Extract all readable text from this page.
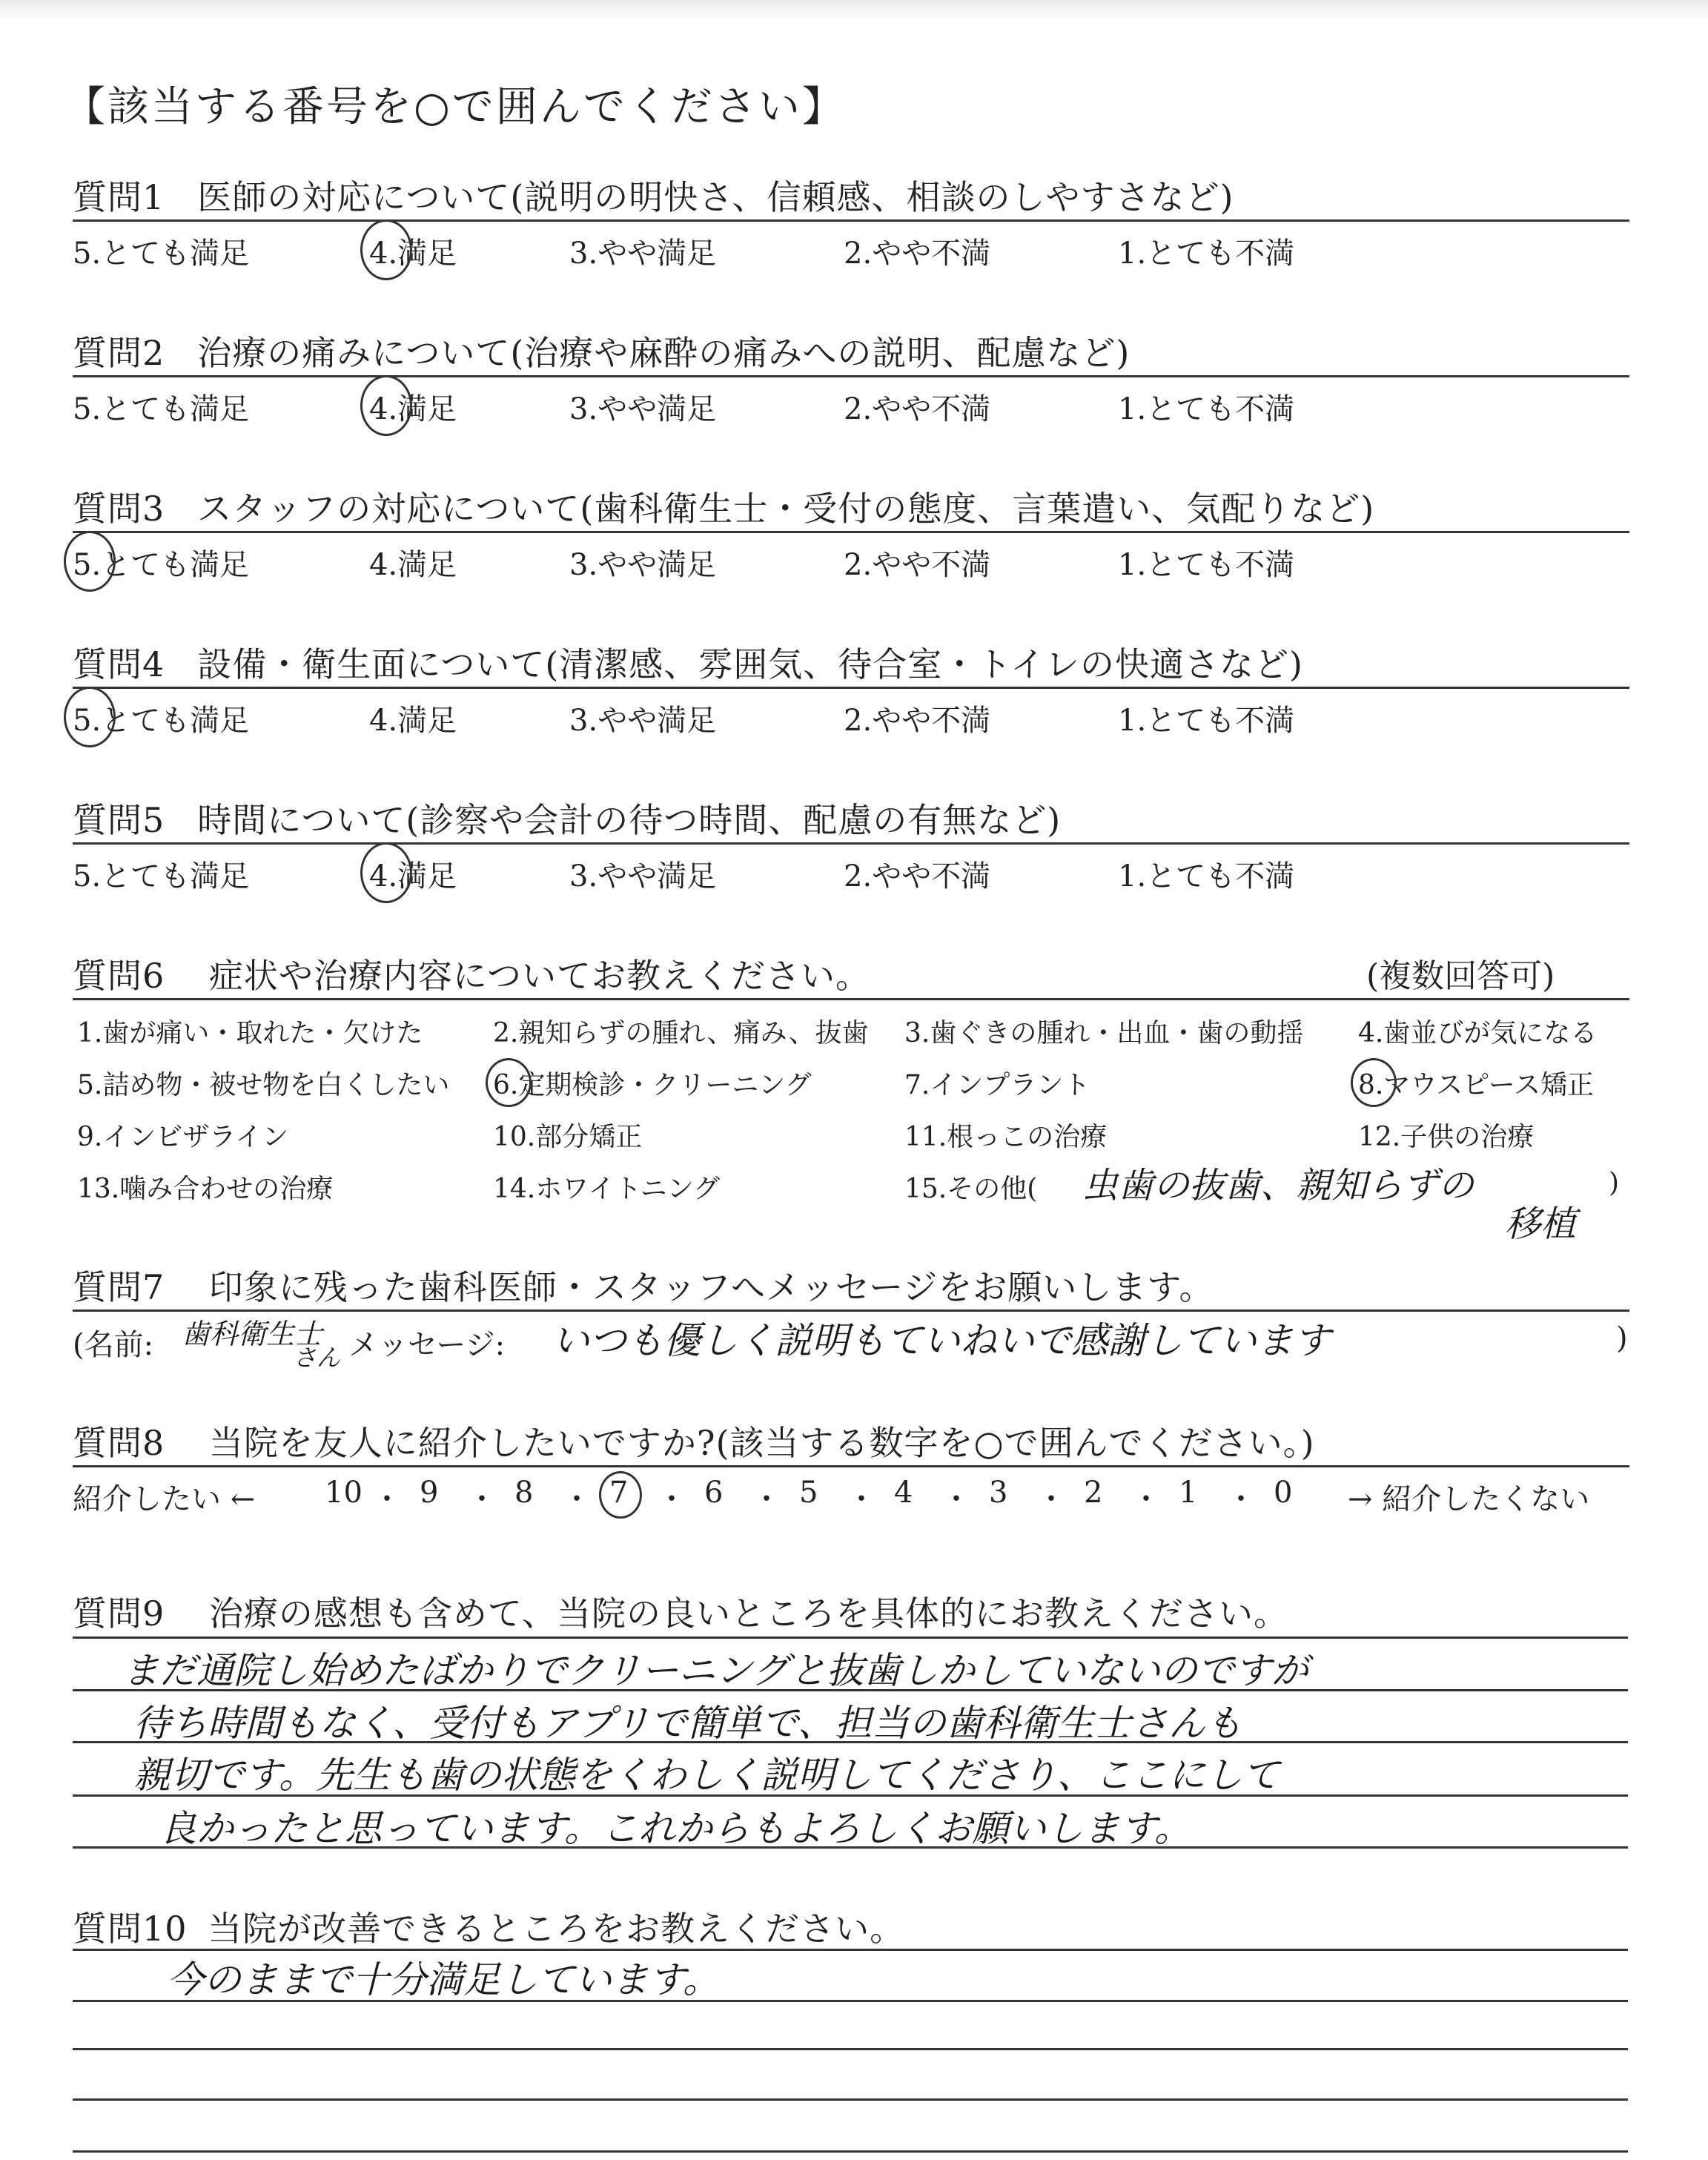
【該当する番号を○で囲んでください】
質問1 医師の対応について(説明の明快さ、信頼感、相談のしやすさなど)
5.とても満足	4.満足	3.やや満足	2.やや不満	1.とても不満
質問2 治療の痛みについて(治療や麻酔の痛みへの説明、配慮など)
5.とても満足	4.満足	3.やや満足	2.やや不満	1.とても不満
質問3 スタッフの対応について(歯科衛生士・受付の態度、言葉遣い、気配りなど)
5.とても満足	4.満足	3.やや満足	2.やや不満	1.とても不満
質問4 設備・衛生面について(清潔感、雰囲気、待合室・トイレの快適さなど)
5.とても満足	4.満足	3.やや満足	2.やや不満	1.とても不満
質問5 時間について(診察や会計の待つ時間、配慮の有無など)
5.とても満足	4.満足	3.やや満足	2.やや不満	1.とても不満
質問6 症状や治療内容についてお教えください。	(複数回答可)
1.歯が痛い・取れた・欠けた	2.親知らずの腫れ、痛み、抜歯 3.歯ぐきの腫れ・出血・歯の動揺 4.歯並びが気になる
5.詰め物・被せ物を白くしたい 6.定期検診・クリーニング	7.インプラント	8.マウスピース矯正
9.インビザライン	10.部分矯正	11.根っこの治療	12.子供の治療
13.噛み合わせの治療	14.ホワイトニング	15.その他(	)
虫歯の抜歯、親知らずの
移植
質問7 印象に残った歯科医師・スタッフへメッセージをお願いします。
(名前: 歯科衛生士
さん メッセージ: いつも優しく説明もていねいで感謝しています	)
質問8 当院を友人に紹介したいですか?(該当する数字を○で囲んでください。)
紹介したい ← 10 ・ 9 ・ 8 ・ 7 ・ 6 ・ 5 ・ 4 ・ 3 ・ 2 ・ 1 ・ 0 → 紹介したくない
質問9 治療の感想も含めて、当院の良いところを具体的にお教えください。
まだ通院し始めたばかりでクリーニングと抜歯しかしていないのですが
待ち時間もなく、受付もアプリで簡単で、担当の歯科衛生士さんも
親切です。先生も歯の状態をくわしく説明してくださり、ここにして
良かったと思っています。これからもよろしくお願いします。
質問10 当院が改善できるところをお教えください。
今のままで十分満足しています。
